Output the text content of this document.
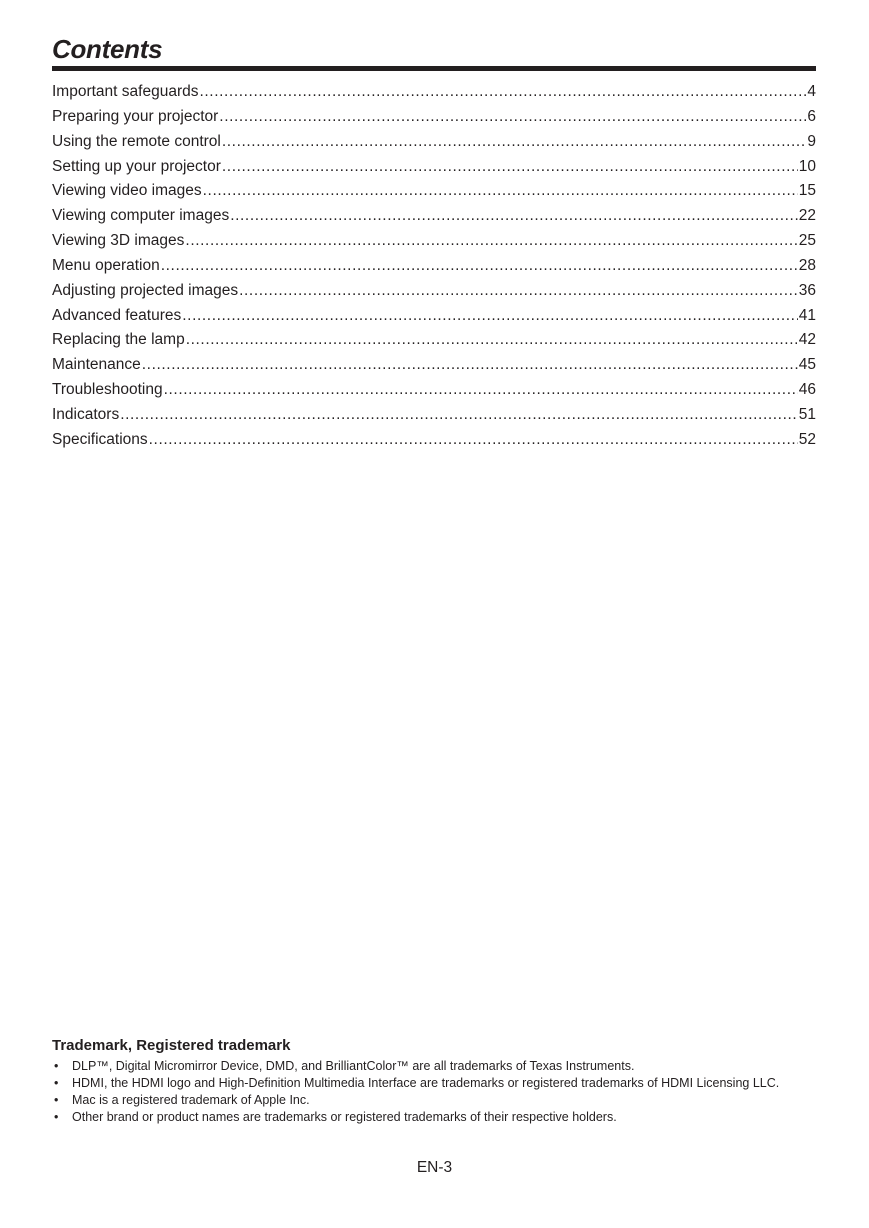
Contents
Important safeguards .....	4
Preparing your projector .....	6
Using the remote control .....	9
Setting up your projector .....	10
Viewing video images .....	15
Viewing computer images .....	22
Viewing 3D images .....	25
Menu operation .....	28
Adjusting projected images .....	36
Advanced features .....	41
Replacing the lamp .....	42
Maintenance .....	45
Troubleshooting .....	46
Indicators .....	51
Specifications .....	52
Trademark, Registered trademark
• DLP™, Digital Micromirror Device, DMD, and BrilliantColor™ are all trademarks of Texas Instruments.
• HDMI, the HDMI logo and High-Definition Multimedia Interface are trademarks or registered trademarks of HDMI Licensing LLC.
• Mac is a registered trademark of Apple Inc.
• Other brand or product names are trademarks or registered trademarks of their respective holders.
EN-3
